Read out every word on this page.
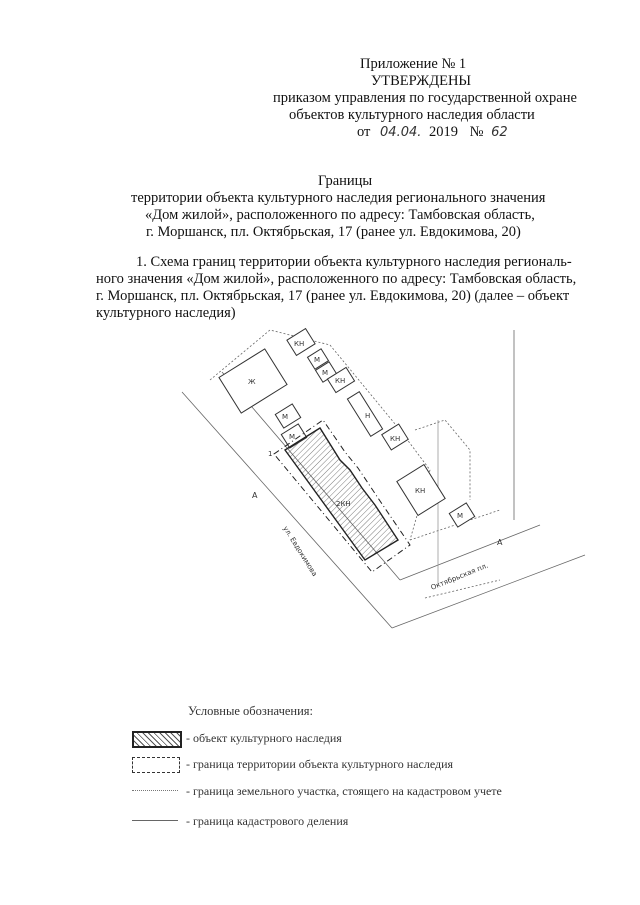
Приложение № 1
УТВЕРЖДЕНЫ
приказом управления по государственной охране
объектов культурного наследия области
от 04.04. 2019 № 62
Границы
территории объекта культурного наследия регионального значения
«Дом жилой», расположенного по адресу: Тамбовская область,
г. Моршанск, пл. Октябрьская, 17 (ранее ул. Евдокимова, 20)
1. Схема границ территории объекта культурного наследия региональ-
ного значения «Дом жилой», расположенного по адресу: Тамбовская область,
г. Моршанск, пл. Октябрьская, 17 (ранее ул. Евдокимова, 20) (далее – объект
культурного наследия)
КН
М
М
КН
Н
КН
Ж
М
М
КН
М
2КН
1
А
А
ул. Евдокимова	Октябрьская пл.
Условные обозначения:
- объект культурного наследия
- граница территории объекта культурного наследия
- граница земельного участка, стоящего на кадастровом учете
- граница кадастрового деления
